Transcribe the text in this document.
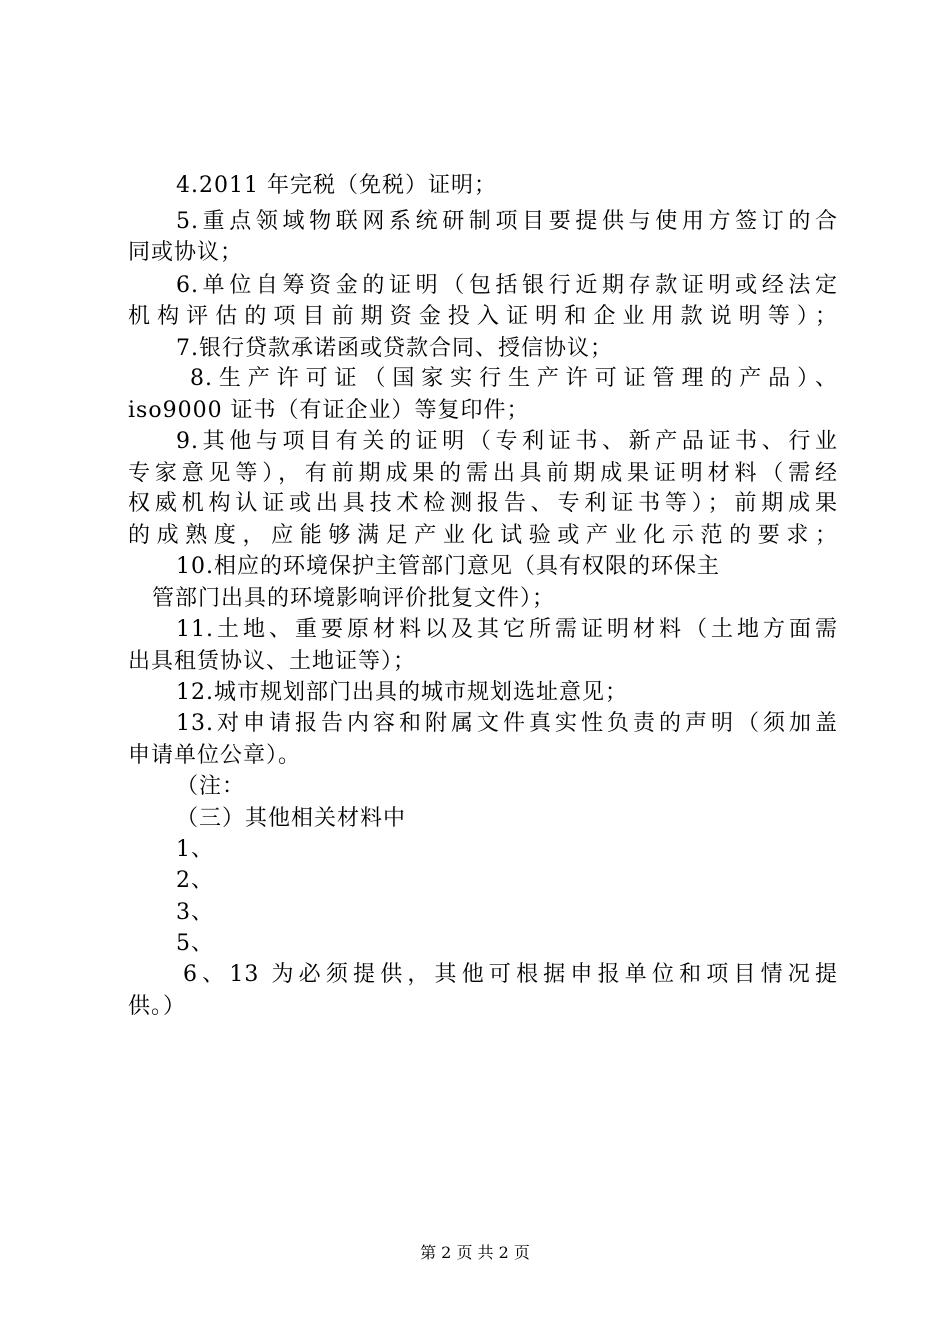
4.2011 年完税（免税）证明；
5.重点领域物联网系统研制项目要提供与使用方签订的合
同或协议；
6.单位自筹资金的证明（包括银行近期存款证明或经法定
机构评估的项目前期资金投入证明和企业用款说明等）；
7.银行贷款承诺函或贷款合同、授信协议；
8.生产许可证（国家实行生产许可证管理的产品）、
iso9000 证书（有证企业）等复印件；
9.其他与项目有关的证明（专利证书、新产品证书、行业
专家意见等），有前期成果的需出具前期成果证明材料（需经
权威机构认证或出具技术检测报告、专利证书等）；前期成果
的成熟度，应能够满足产业化试验或产业化示范的要求；
10.相应的环境保护主管部门意见（具有权限的环保主
管部门出具的环境影响评价批复文件）；
11.土地、重要原材料以及其它所需证明材料（土地方面需
出具租赁协议、土地证等）；
12.城市规划部门出具的城市规划选址意见；
13.对申请报告内容和附属文件真实性负责的声明（须加盖
申请单位公章）。
（注：
（三）其他相关材料中
1、
2、
3、
5、
6、13 为必须提供，其他可根据申报单位和项目情况提
供。）
第 2 页 共 2 页
